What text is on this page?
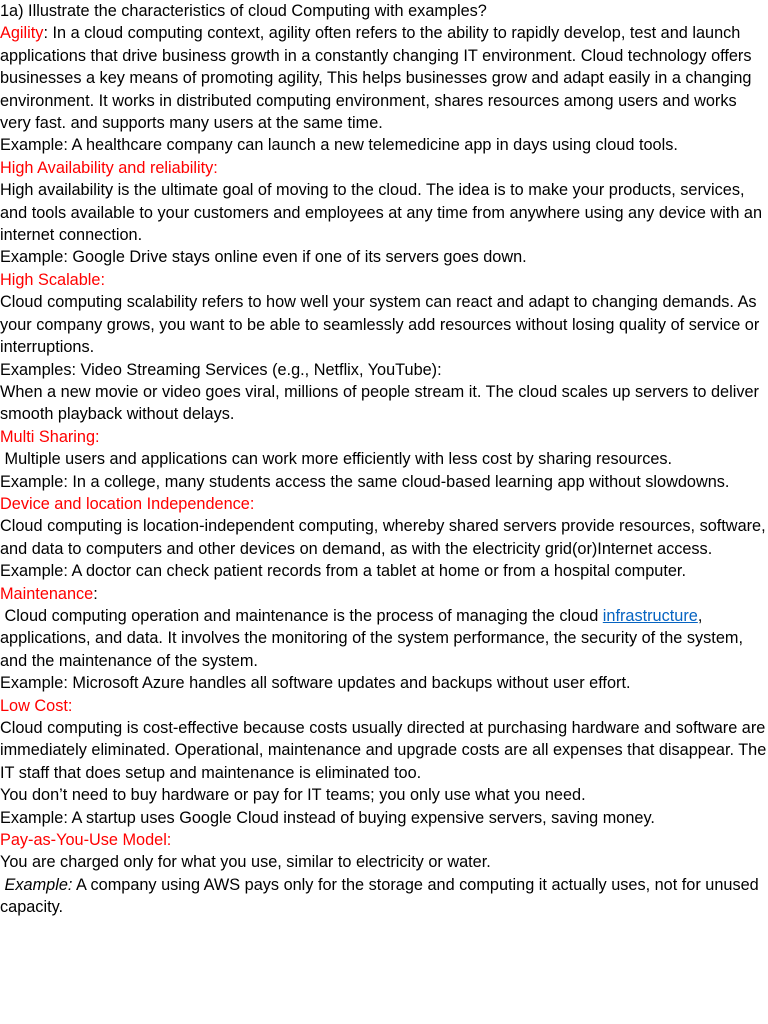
1a) Illustrate the characteristics of cloud Computing with examples?

Agility: In a cloud computing context, agility often refers to the ability to rapidly develop, test and launch applications that drive business growth in a constantly changing IT environment. Cloud technology offers businesses a key means of promoting agility, This helps businesses grow and adapt easily in a changing environment. It works in distributed computing environment, shares resources among users and works very fast. and supports many users at the same time.

Example: A healthcare company can launch a new telemedicine app in days using cloud tools.

High Availability and reliability:

High availability is the ultimate goal of moving to the cloud. The idea is to make your products, services, and tools available to your customers and employees at any time from anywhere using any device with an internet connection.

Example: Google Drive stays online even if one of its servers goes down.

High Scalable:

Cloud computing scalability refers to how well your system can react and adapt to changing demands. As your company grows, you want to be able to seamlessly add resources without losing quality of service or interruptions.

Examples: Video Streaming Services (e.g., Netflix, YouTube):

When a new movie or video goes viral, millions of people stream it. The cloud scales up servers to deliver smooth playback without delays.

Multi Sharing:

Multiple users and applications can work more efficiently with less cost by sharing resources.

Example: In a college, many students access the same cloud-based learning app without slowdowns.

Device and location Independence:

Cloud computing is location-independent computing, whereby shared servers provide resources, software, and data to computers and other devices on demand, as with the electricity grid(or)Internet access.

Example: A doctor can check patient records from a tablet at home or from a hospital computer.

Maintenance:

Cloud computing operation and maintenance is the process of managing the cloud infrastructure, applications, and data. It involves the monitoring of the system performance, the security of the system, and the maintenance of the system.

Example: Microsoft Azure handles all software updates and backups without user effort.

Low Cost:

Cloud computing is cost-effective because costs usually directed at purchasing hardware and software are immediately eliminated. Operational, maintenance and upgrade costs are all expenses that disappear. The IT staff that does setup and maintenance is eliminated too.

You don’t need to buy hardware or pay for IT teams; you only use what you need.

Example: A startup uses Google Cloud instead of buying expensive servers, saving money.

Pay-as-You-Use Model:

You are charged only for what you use, similar to electricity or water.

Example: A company using AWS pays only for the storage and computing it actually uses, not for unused capacity.
